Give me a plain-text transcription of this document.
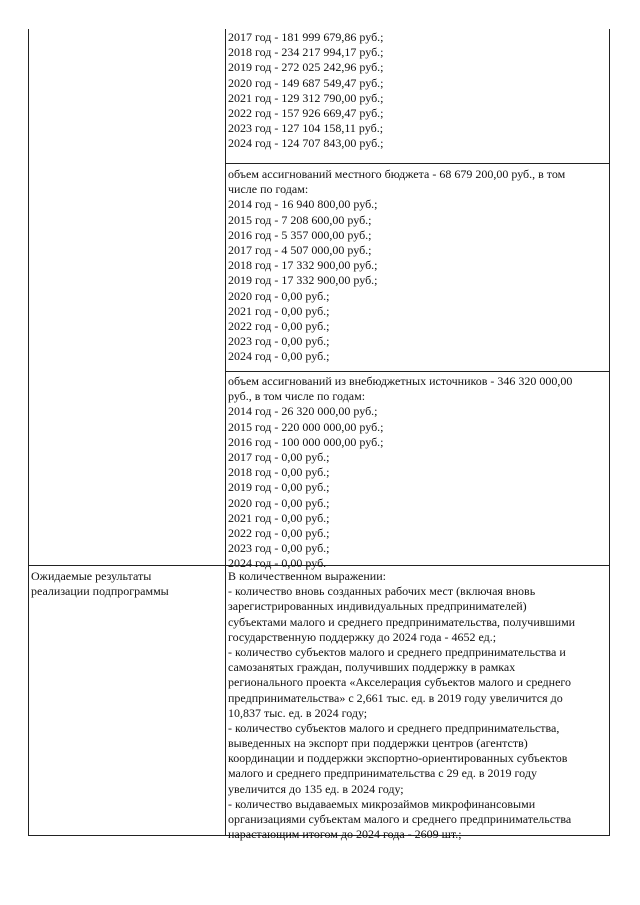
2017 год - 181 999 679,86 руб.;
2018 год - 234 217 994,17 руб.;
2019 год - 272 025 242,96 руб.;
2020 год - 149 687 549,47 руб.;
2021 год - 129 312 790,00 руб.;
2022 год - 157 926 669,47 руб.;
2023 год - 127 104 158,11 руб.;
2024 год - 124 707 843,00 руб.;
объем ассигнований местного бюджета - 68 679 200,00 руб., в том
числе по годам:
2014 год - 16 940 800,00 руб.;
2015 год - 7 208 600,00 руб.;
2016 год - 5 357 000,00 руб.;
2017 год - 4 507 000,00 руб.;
2018 год - 17 332 900,00 руб.;
2019 год - 17 332 900,00 руб.;
2020 год - 0,00 руб.;
2021 год - 0,00 руб.;
2022 год - 0,00 руб.;
2023 год - 0,00 руб.;
2024 год - 0,00 руб.;
объем ассигнований из внебюджетных источников - 346 320 000,00
руб., в том числе по годам:
2014 год - 26 320 000,00 руб.;
2015 год - 220 000 000,00 руб.;
2016 год - 100 000 000,00 руб.;
2017 год - 0,00 руб.;
2018 год - 0,00 руб.;
2019 год - 0,00 руб.;
2020 год - 0,00 руб.;
2021 год - 0,00 руб.;
2022 год - 0,00 руб.;
2023 год - 0,00 руб.;
2024 год - 0,00 руб.
Ожидаемые результаты
реализации подпрограммы
В количественном выражении:
- количество вновь созданных рабочих мест (включая вновь
зарегистрированных индивидуальных предпринимателей)
субъектами малого и среднего предпринимательства, получившими
государственную поддержку до 2024 года - 4652 ед.;
- количество субъектов малого и среднего предпринимательства и
самозанятых граждан, получивших поддержку в рамках
регионального проекта «Акселерация субъектов малого и среднего
предпринимательства» с 2,661 тыс. ед. в 2019 году увеличится до
10,837 тыс. ед. в 2024 году;
- количество субъектов малого и среднего предпринимательства,
выведенных на экспорт при поддержки центров (агентств)
координации и поддержки экспортно-ориентированных субъектов
малого и среднего предпринимательства с 29 ед. в 2019 году
увеличится до 135 ед. в 2024 году;
- количество выдаваемых микрозаймов микрофинансовыми
организациями субъектам малого и среднего предпринимательства
нарастающим итогом до 2024 года - 2609 шт.;
